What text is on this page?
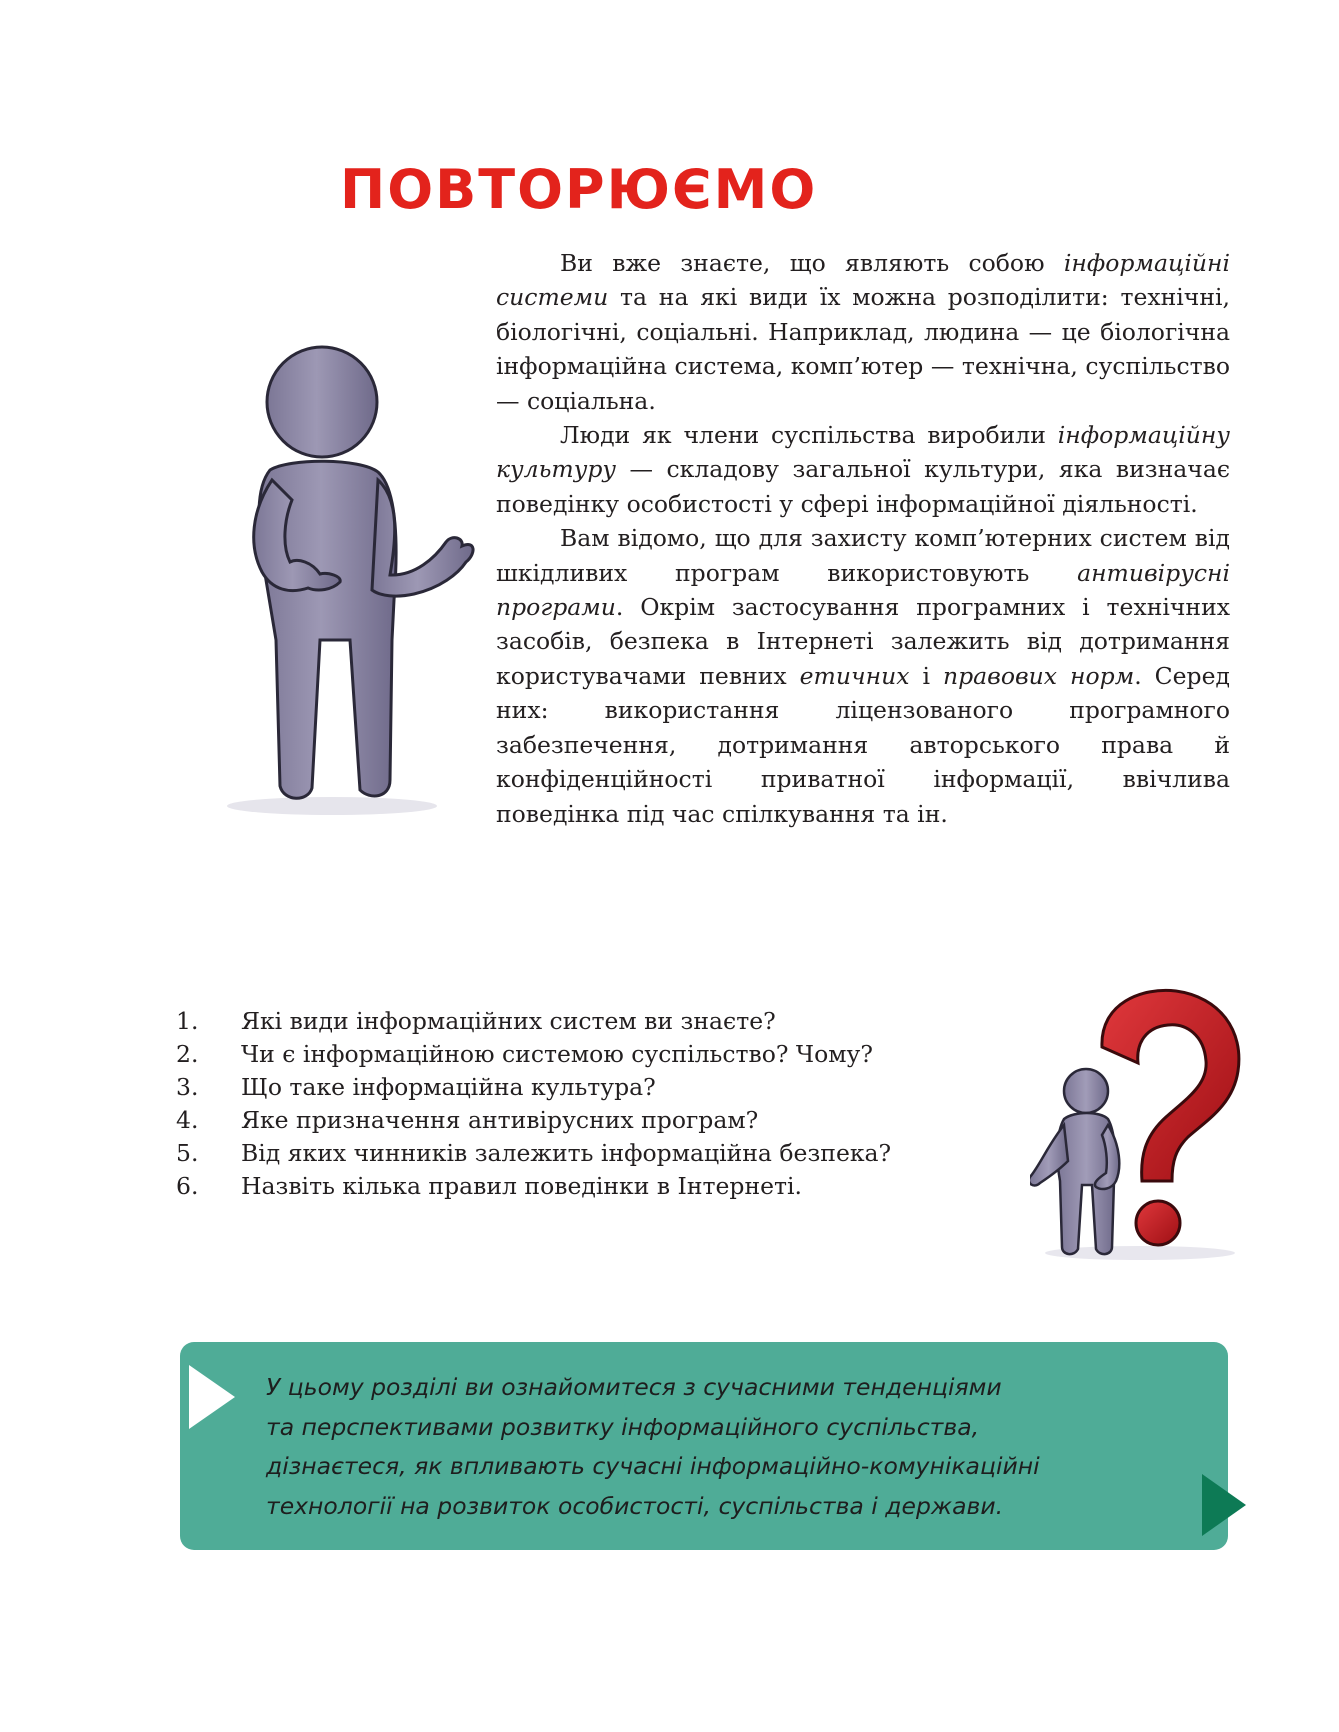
ПОВТОРЮЄМО

Ви вже знаєте, що являють собою інформаційні системи та на які види їх можна розподілити: технічні, біологічні, соціальні. Наприклад, людина — це біологічна інформаційна система, комп’ютер — технічна, суспільство — соціальна.

Люди як члени суспільства виробили інформаційну культуру — складову загальної культури, яка визначає поведінку особистості у сфері інформаційної діяльності.

Вам відомо, що для захисту комп’ютерних систем від шкідливих програм використовують антивірусні програми. Окрім застосування програмних і технічних засобів, безпека в Інтернеті залежить від дотримання користувачами певних етичних і правових норм. Серед них: використання ліцензованого програмного забезпечення, дотримання авторського права й конфіденційності приватної інформації, ввічлива поведінка під час спілкування та ін.

1. Які види інформаційних систем ви знаєте?
2. Чи є інформаційною системою суспільство? Чому?
3. Що таке інформаційна культура?
4. Яке призначення антивірусних програм?
5. Від яких чинників залежить інформаційна безпека?
6. Назвіть кілька правил поведінки в Інтернеті.
У цьому розділі ви ознайомитеся з сучасними тенденціями
та перспективами розвитку інформаційного суспільства,
дізнаєтеся, як впливають сучасні інформаційно-комунікаційні
технології на розвиток особистості, суспільства і держави.
